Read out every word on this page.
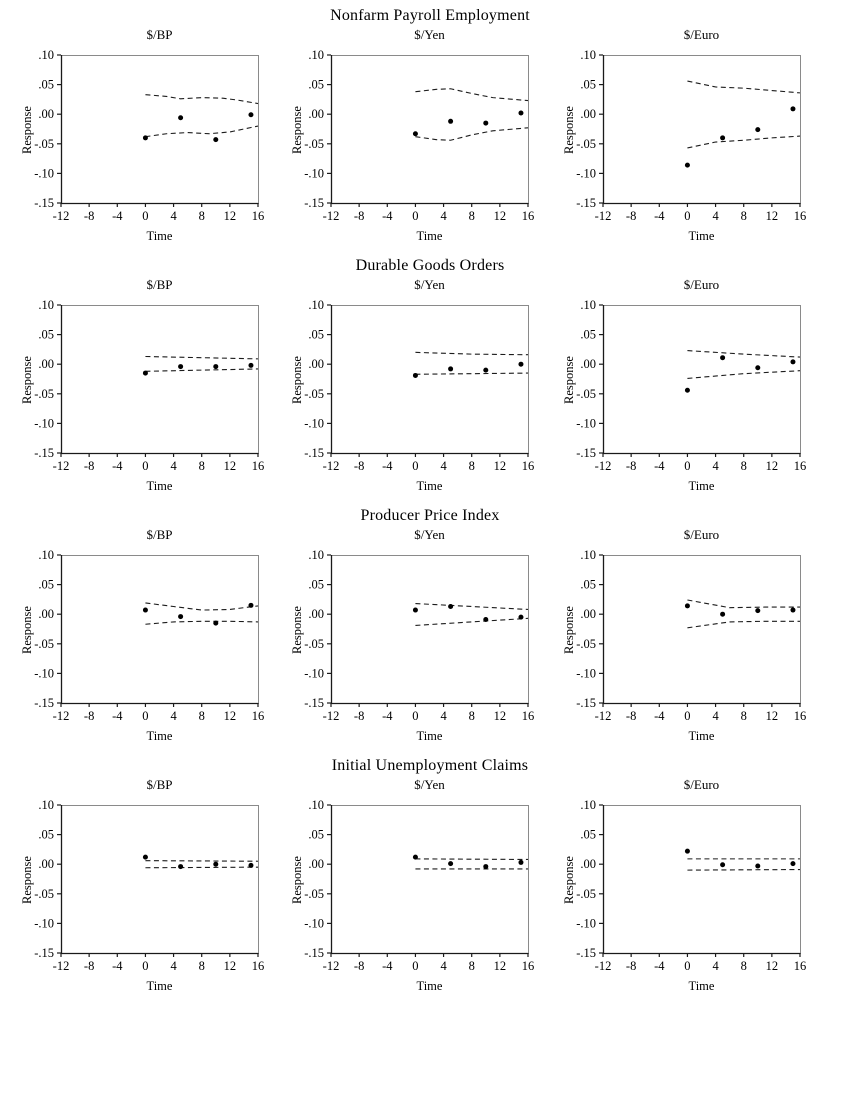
Nonfarm Payroll Employment
$/BP
Response
.10
.05
.00
-.05
-.10
-.15
-12 -8 -4 0 4 8 12 16
Time
$/Yen
Response
.10
.05
.00
-.05
-.10
-.15
-12 -8 -4 0 4 8 12 16
Time
$/Euro
Response
.10
.05
.00
-.05
-.10
-.15
-12 -8 -4 0 4 8 12 16
Time
Durable Goods Orders
$/BP
Response
.10
.05
.00
-.05
-.10
-.15
-12 -8 -4 0 4 8 12 16
Time
$/Yen
Response
.10
.05
.00
-.05
-.10
-.15
-12 -8 -4 0 4 8 12 16
Time
$/Euro
Response
.10
.05
.00
-.05
-.10
-.15
-12 -8 -4 0 4 8 12 16
Time
Producer Price Index
$/BP
Response
.10
.05
.00
-.05
-.10
-.15
-12 -8 -4 0 4 8 12 16
Time
$/Yen
Response
.10
.05
.00
-.05
-.10
-.15
-12 -8 -4 0 4 8 12 16
Time
$/Euro
Response
.10
.05
.00
-.05
-.10
-.15
-12 -8 -4 0 4 8 12 16
Time
Initial Unemployment Claims
$/BP
Response
.10
.05
.00
-.05
-.10
-.15
-12 -8 -4 0 4 8 12 16
Time
$/Yen
Response
.10
.05
.00
-.05
-.10
-.15
-12 -8 -4 0 4 8 12 16
Time
$/Euro
Response
.10
.05
.00
-.05
-.10
-.15
-12 -8 -4 0 4 8 12 16
Time
